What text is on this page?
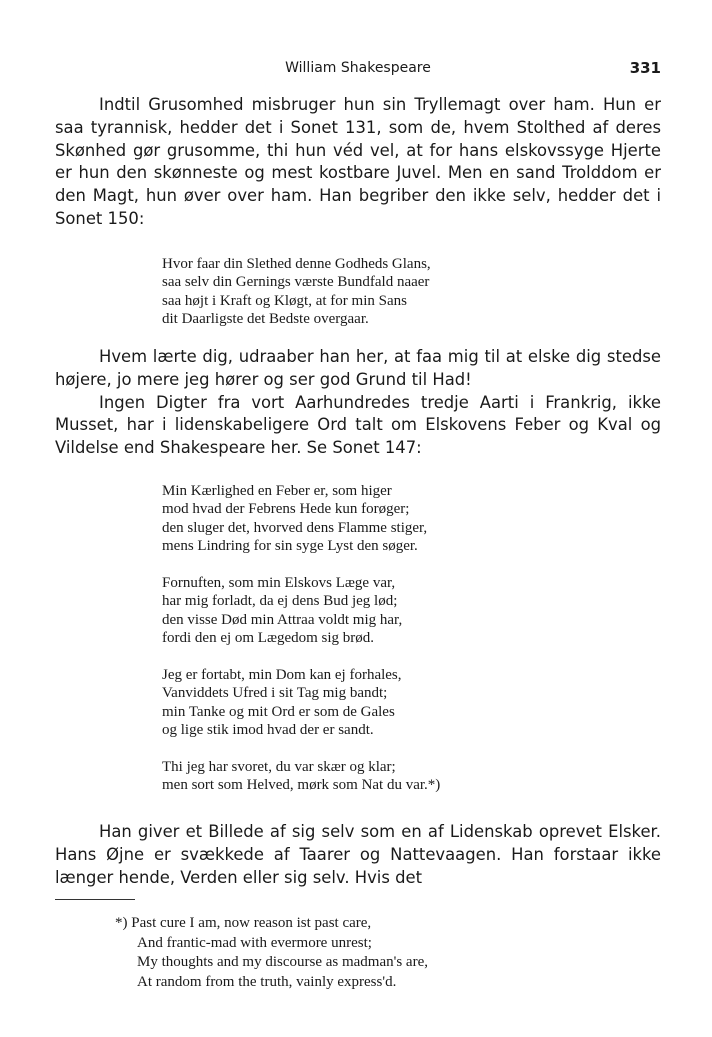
William Shakespeare	331

Indtil Grusomhed misbruger hun sin Tryllemagt over ham. Hun er saa tyrannisk, hedder det i Sonet 131, som de, hvem Stolthed af deres Skønhed gør grusomme, thi hun véd vel, at for hans elskovssyge Hjerte er hun den skønneste og mest kostbare Juvel. Men en sand Trolddom er den Magt, hun øver over ham. Han begriber den ikke selv, hedder det i Sonet 150:

Hvor faar din Slethed denne Godheds Glans,
saa selv din Gernings værste Bundfald naaer
saa højt i Kraft og Kløgt, at for min Sans
dit Daarligste det Bedste overgaar.

Hvem lærte dig, udraaber han her, at faa mig til at elske dig stedse højere, jo mere jeg hører og ser god Grund til Had!

Ingen Digter fra vort Aarhundredes tredje Aarti i Frankrig, ikke Musset, har i lidenskabeligere Ord talt om Elskovens Feber og Kval og Vildelse end Shakespeare her. Se Sonet 147:

Min Kærlighed en Feber er, som higer
mod hvad der Febrens Hede kun forøger;
den sluger det, hvorved dens Flamme stiger,
mens Lindring for sin syge Lyst den søger.
Fornuften, som min Elskovs Læge var,
har mig forladt, da ej dens Bud jeg lød;
den visse Død min Attraa voldt mig har,
fordi den ej om Lægedom sig brød.
Jeg er fortabt, min Dom kan ej forhales,
Vanviddets Ufred i sit Tag mig bandt;
min Tanke og mit Ord er som de Gales
og lige stik imod hvad der er sandt.
Thi jeg har svoret, du var skær og klar;
men sort som Helved, mørk som Nat du var.*)

Han giver et Billede af sig selv som en af Lidenskab oprevet Elsker. Hans Øjne er svækkede af Taarer og Nattevaagen. Han forstaar ikke længer hende, Verden eller sig selv. Hvis det

*) Past cure I am, now reason ist past care,
And frantic-mad with evermore unrest;
My thoughts and my discourse as madman's are,
At random from the truth, vainly express'd.
